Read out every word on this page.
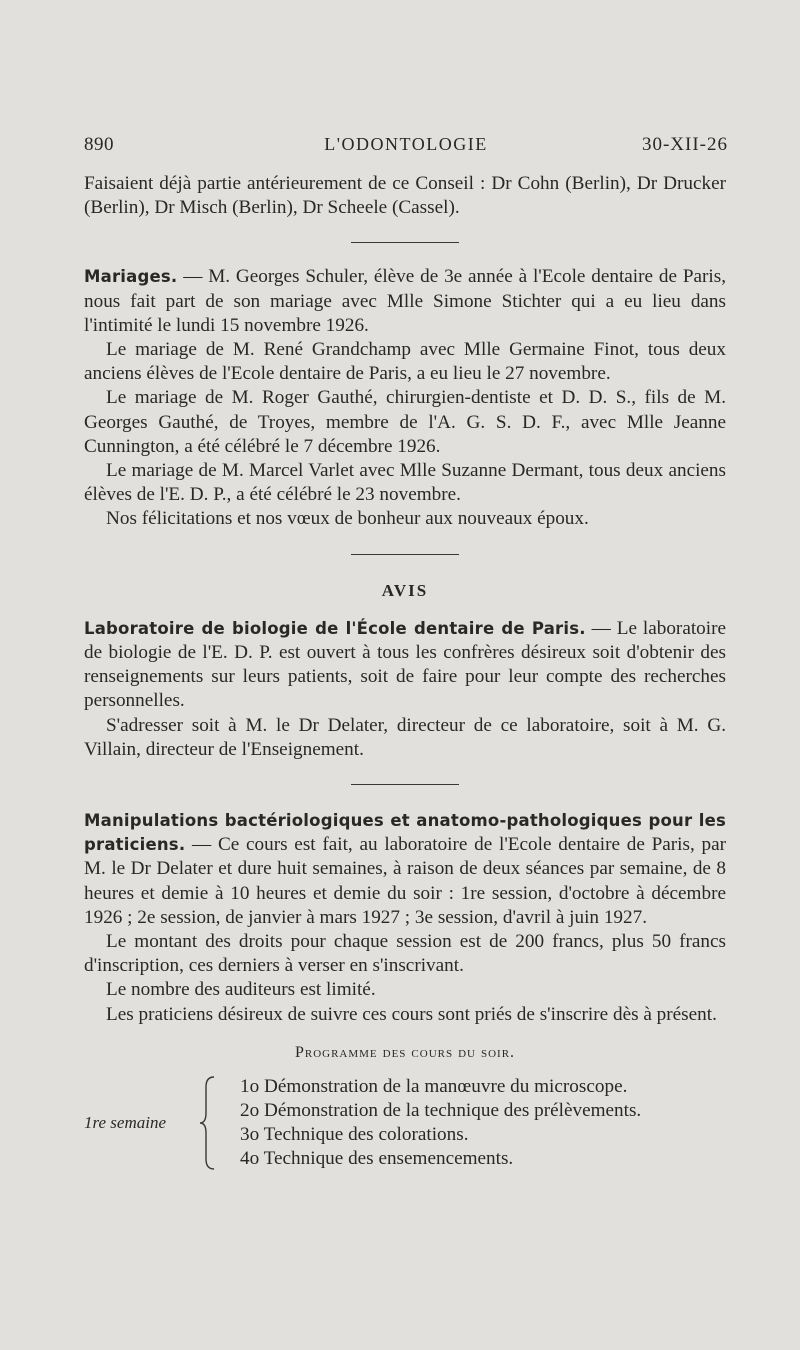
890	L'ODONTOLOGIE	30-XII-26

Faisaient déjà partie antérieurement de ce Conseil : Dr Cohn (Berlin), Dr Drucker (Berlin), Dr Misch (Berlin), Dr Scheele (Cassel).

Mariages. — M. Georges Schuler, élève de 3e année à l'Ecole dentaire de Paris, nous fait part de son mariage avec Mlle Simone Stichter qui a eu lieu dans l'intimité le lundi 15 novembre 1926.

Le mariage de M. René Grandchamp avec Mlle Germaine Finot, tous deux anciens élèves de l'Ecole dentaire de Paris, a eu lieu le 27 novembre.

Le mariage de M. Roger Gauthé, chirurgien-dentiste et D. D. S., fils de M. Georges Gauthé, de Troyes, membre de l'A. G. S. D. F., avec Mlle Jeanne Cunnington, a été célébré le 7 décembre 1926.

Le mariage de M. Marcel Varlet avec Mlle Suzanne Dermant, tous deux anciens élèves de l'E. D. P., a été célébré le 23 novembre.

Nos félicitations et nos vœux de bonheur aux nouveaux époux.

AVIS

Laboratoire de biologie de l'École dentaire de Paris. — Le laboratoire de biologie de l'E. D. P. est ouvert à tous les confrères désireux soit d'obtenir des renseignements sur leurs patients, soit de faire pour leur compte des recherches personnelles.

S'adresser soit à M. le Dr Delater, directeur de ce laboratoire, soit à M. G. Villain, directeur de l'Enseignement.

Manipulations bactériologiques et anatomo-pathologiques pour les praticiens. — Ce cours est fait, au laboratoire de l'Ecole dentaire de Paris, par M. le Dr Delater et dure huit semaines, à raison de deux séances par semaine, de 8 heures et demie à 10 heures et demie du soir : 1re session, d'octobre à décembre 1926 ; 2e session, de janvier à mars 1927 ; 3e session, d'avril à juin 1927.

Le montant des droits pour chaque session est de 200 francs, plus 50 francs d'inscription, ces derniers à verser en s'inscrivant.

Le nombre des auditeurs est limité.

Les praticiens désireux de suivre ces cours sont priés de s'inscrire dès à présent.

Programme des cours du soir.
1re semaine
1o Démonstration de la manœuvre du microscope.
2o Démonstration de la technique des prélèvements.
3o Technique des colorations.
4o Technique des ensemencements.
